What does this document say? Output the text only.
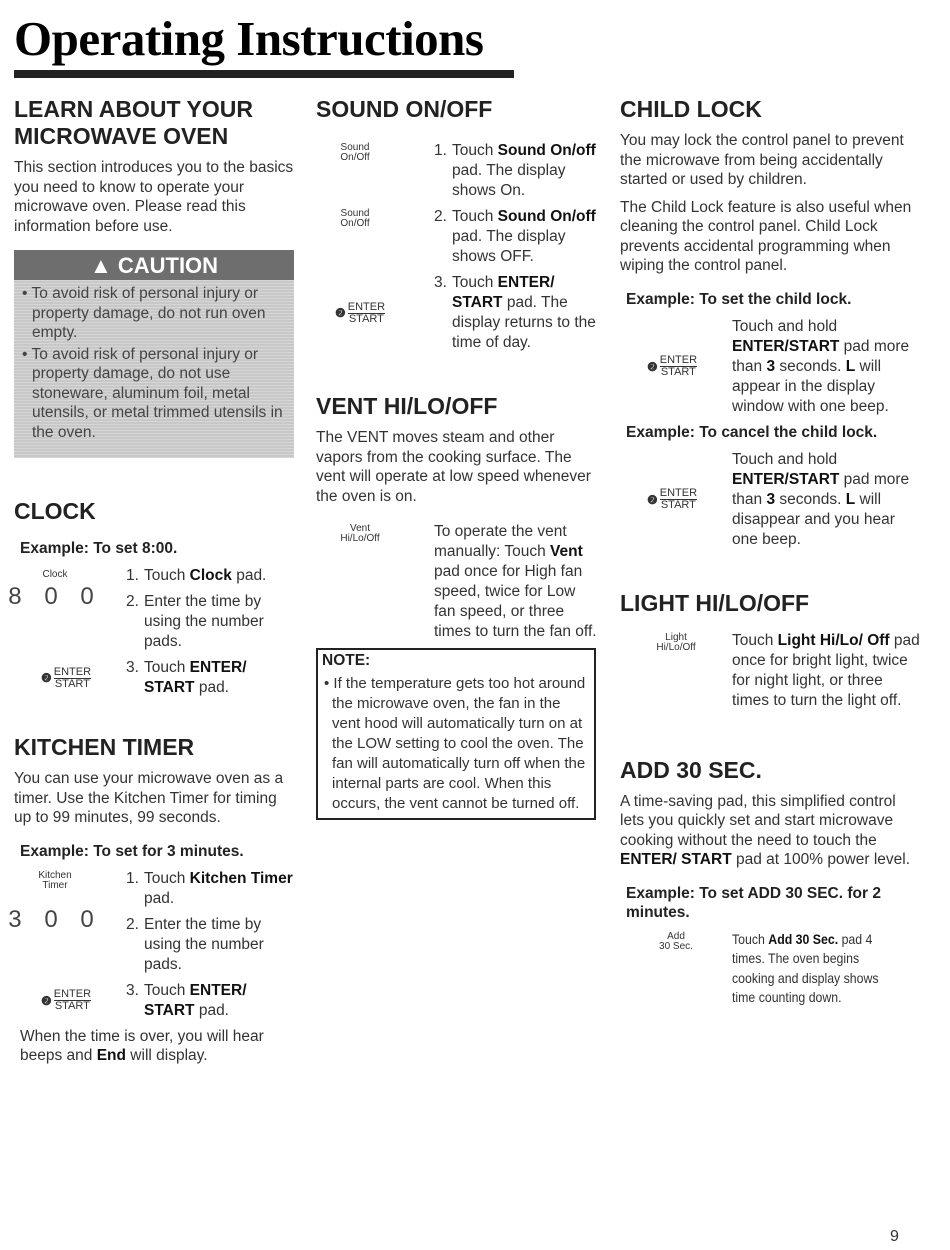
Operating Instructions
LEARN ABOUT YOUR MICROWAVE OVEN

This section introduces you to the basics you need to know to operate your microwave oven. Please read this information before use.

▲ CAUTION
• To avoid risk of personal injury or property damage, do not run oven empty.
• To avoid risk of personal injury or property damage, do not use stoneware, aluminum foil, metal utensils, or metal trimmed utensils in the oven.
CLOCK
Example: To set 8:00.
Clock	1. Touch Clock pad.
8 0 0 2. Enter the time by using the number pads.
❷ ENTER
START
3. Touch ENTER/ START pad.
KITCHEN TIMER

You can use your microwave oven as a timer. Use the Kitchen Timer for timing up to 99 minutes, 99 seconds.

Example: To set for 3 minutes.
Kitchen
Timer	1. Touch Kitchen Timer pad.
3 0 0 2. Enter the time by using the number pads.
❷ ENTER
START
3. Touch ENTER/ START pad.

When the time is over, you will hear beeps and End will display.

SOUND ON/OFF
Sound
On/Off	1. Touch Sound On/off pad. The display shows On.
Sound
On/Off	2. Touch Sound On/off pad. The display shows OFF.
❷ ENTER
START
3. Touch ENTER/ START pad. The display returns to the time of day.
VENT HI/LO/OFF

The VENT moves steam and other vapors from the cooking surface. The vent will operate at low speed whenever the oven is on.

Vent
Hi/Lo/Off	To operate the vent manually: Touch Vent pad once for High fan speed, twice for Low fan speed, or three times to turn the fan off.
NOTE:
• If the temperature gets too hot around the microwave oven, the fan in the vent hood will automatically turn on at the LOW setting to cool the oven. The fan will automatically turn off when the internal parts are cool. When this occurs, the vent cannot be turned off.
CHILD LOCK

You may lock the control panel to prevent the microwave from being accidentally started or used by children.

The Child Lock feature is also useful when cleaning the control panel. Child Lock prevents accidental programming when wiping the control panel.

Example: To set the child lock.
❷ ENTER
START
Touch and hold ENTER/START pad more than 3 seconds. L will appear in the display window with one beep.
Example: To cancel the child lock.
❷ ENTER
START
Touch and hold ENTER/START pad more than 3 seconds. L will disappear and you hear one beep.
LIGHT HI/LO/OFF
Light
Hi/Lo/Off Touch Light Hi/Lo/ Off pad once for bright light, twice for night light, or three times to turn the light off.
ADD 30 SEC.

A time-saving pad, this simplified control lets you quickly set and start microwave cooking without the need to touch the ENTER/ START pad at 100% power level.

Example: To set ADD 30 SEC. for 2 minutes.
Add
30 Sec.	Touch Add 30 Sec. pad 4 times. The oven begins cooking and display shows time counting down.
9
